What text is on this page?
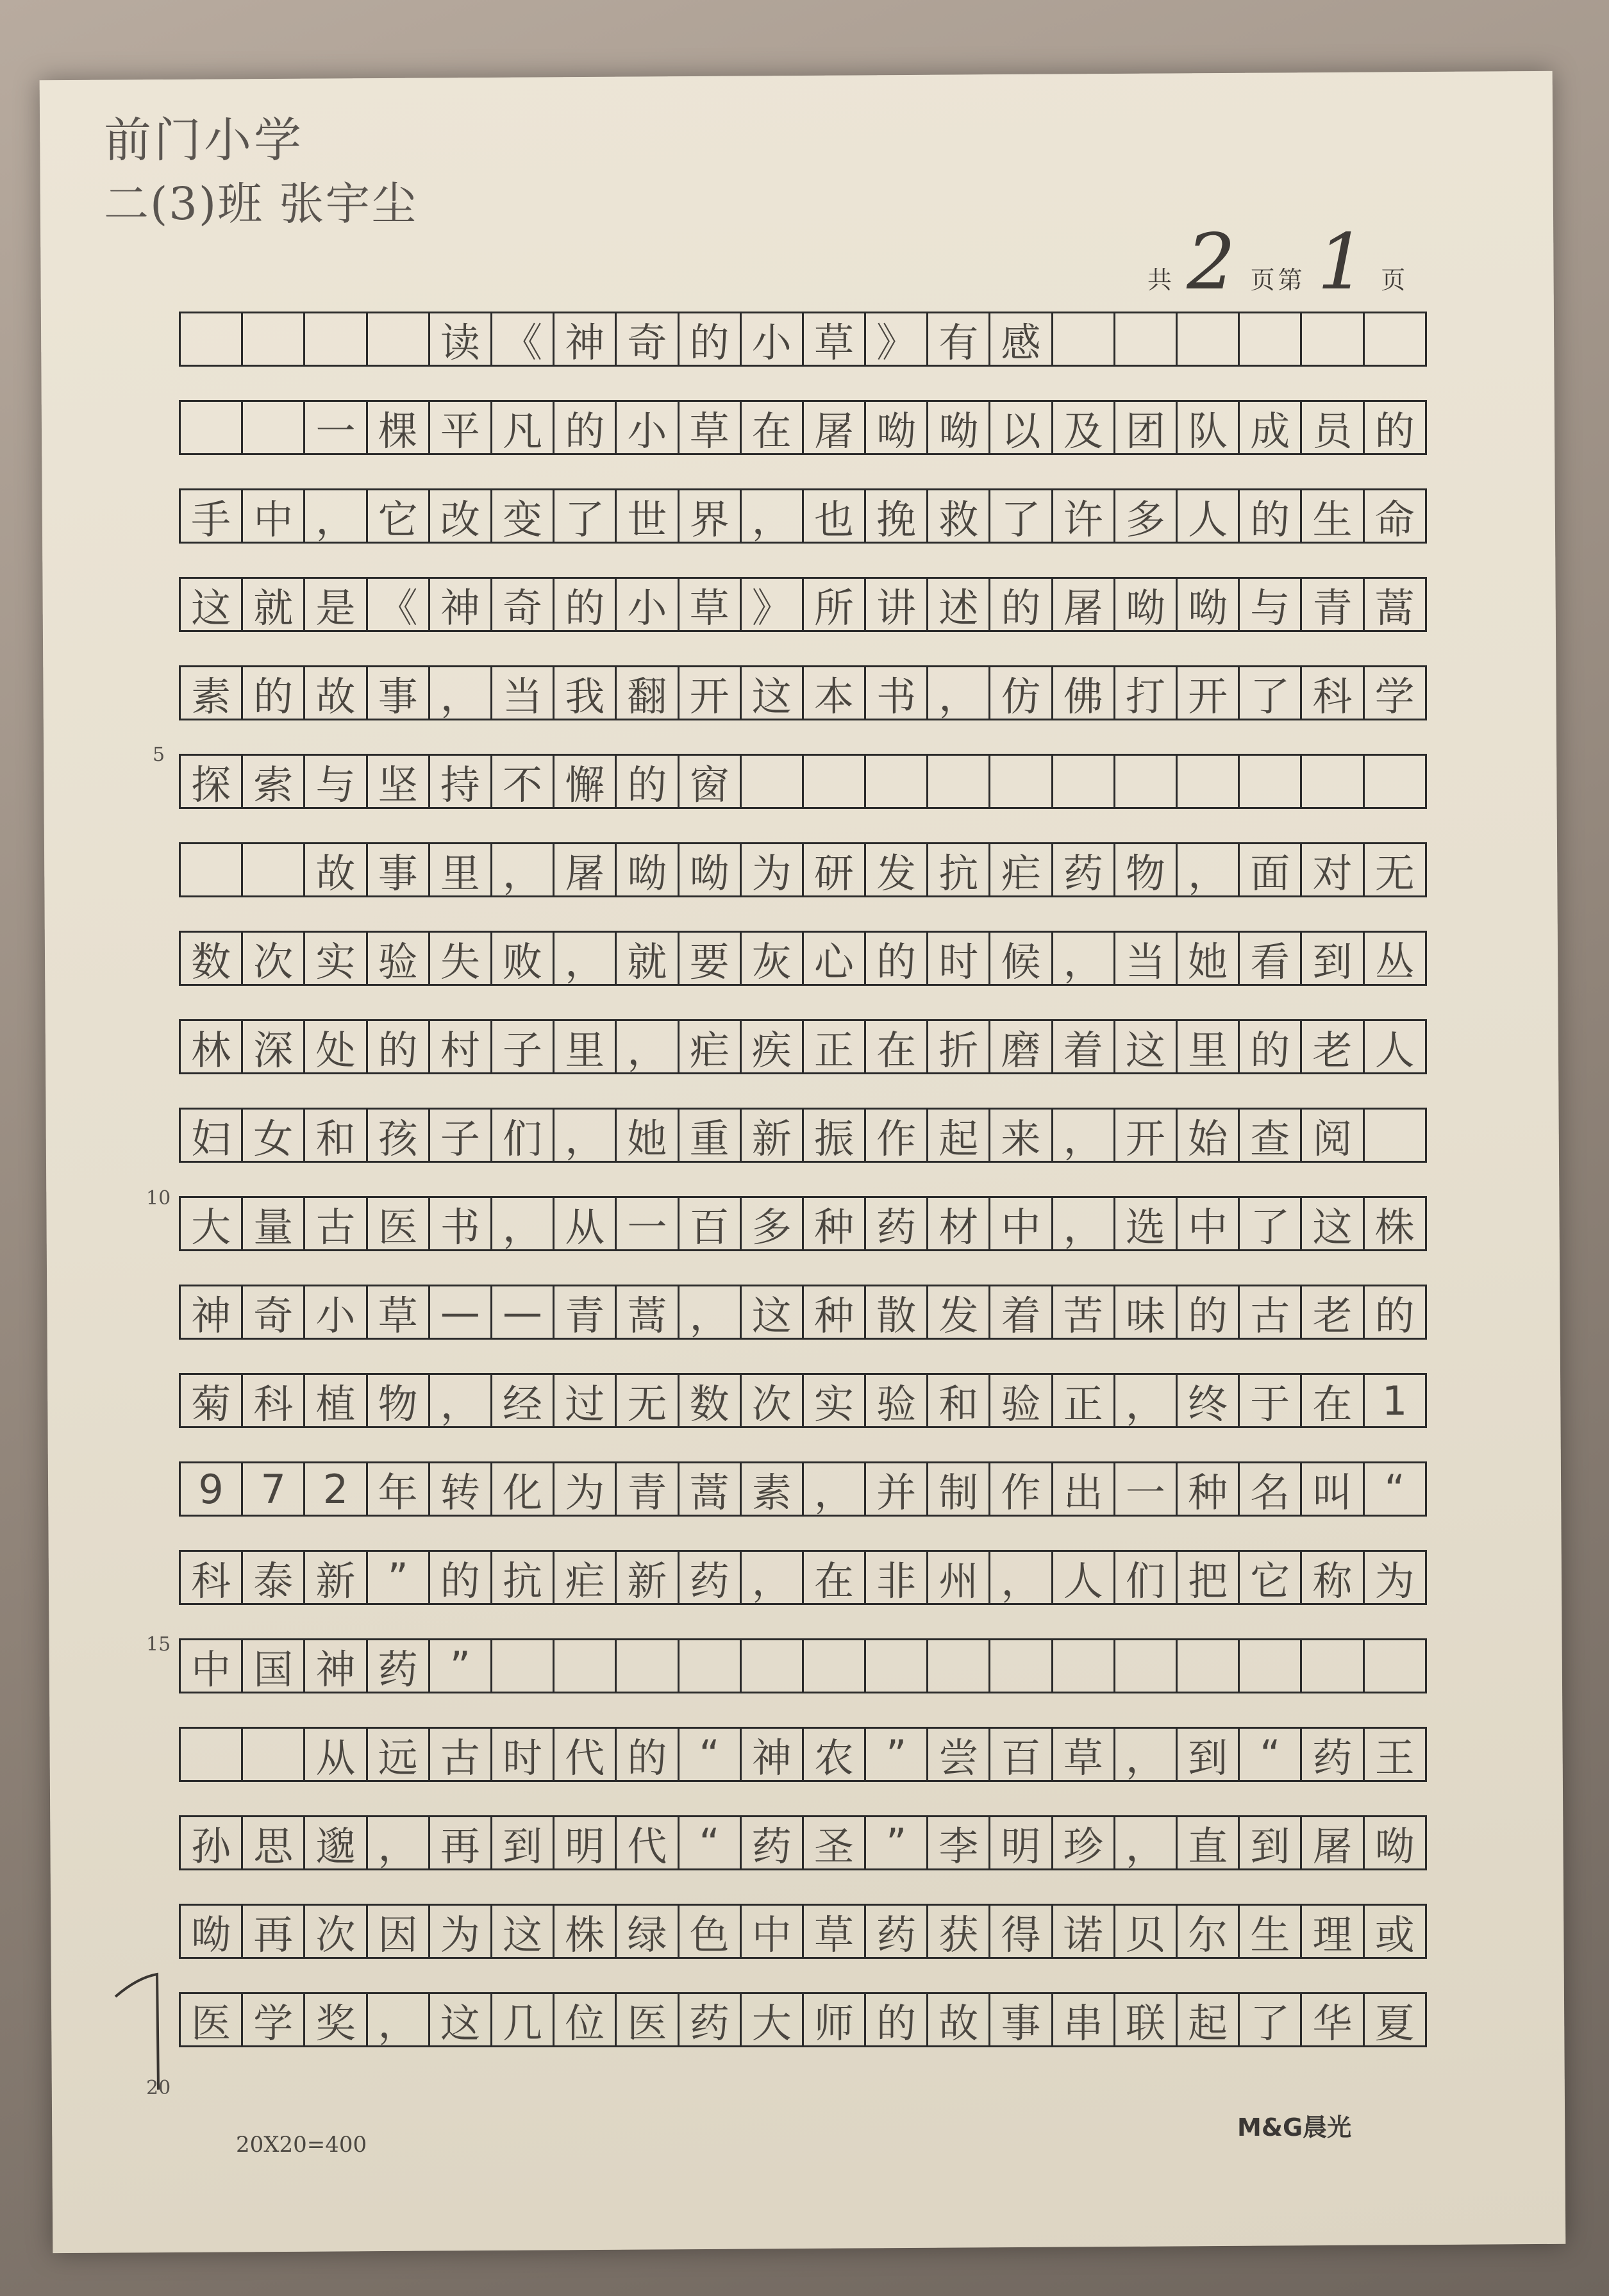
前门小学
二(3)班 张宇尘
共 2 页 第 1 页
读 《 神 奇 的 小 草 》 有 感
一 棵 平 凡 的 小 草 在 屠 呦 呦 以 及 团 队 成 员 的
手 中 ， 它 改 变 了 世 界 ， 也 挽 救 了 许 多 人 的 生 命
这 就 是 《 神 奇 的 小 草 》 所 讲 述 的 屠 呦 呦 与 青 蒿
素 的 故 事 ， 当 我 翻 开 这 本 书 ， 仿 佛 打 开 了 科 学
探 索 与 坚 持 不 懈 的 窗
故 事 里 ， 屠 呦 呦 为 研 发 抗 疟 药 物 ， 面 对 无
数 次 实 验 失 败 ， 就 要 灰 心 的 时 候 ， 当 她 看 到 丛
林 深 处 的 村 子 里 ， 疟 疾 正 在 折 磨 着 这 里 的 老 人
妇 女 和 孩 子 们 ， 她 重 新 振 作 起 来 ， 开 始 查 阅
大 量 古 医 书 ， 从 一 百 多 种 药 材 中 ， 选 中 了 这 株
神 奇 小 草 — — 青 蒿 ， 这 种 散 发 着 苦 味 的 古 老 的
菊 科 植 物 ， 经 过 无 数 次 实 验 和 验 正 ， 终 于 在 1
9 7 2 年 转 化 为 青 蒿 素 ， 并 制 作 出 一 种 名 叫 “
科 泰 新 ” 的 抗 疟 新 药 ， 在 非 州 ， 人 们 把 它 称 为
中 国 神 药 ”
从 远 古 时 代 的 “ 神 农 ” 尝 百 草 ， 到 “ 药 王
孙 思 邈 ， 再 到 明 代 “ 药 圣 ” 李 明 珍 ， 直 到 屠 呦
呦 再 次 因 为 这 株 绿 色 中 草 药 获 得 诺 贝 尔 生 理 或
医 学 奖 ， 这 几 位 医 药 大 师 的 故 事 串 联 起 了 华 夏
5
10
15
20
20X20=400
M&G晨光
